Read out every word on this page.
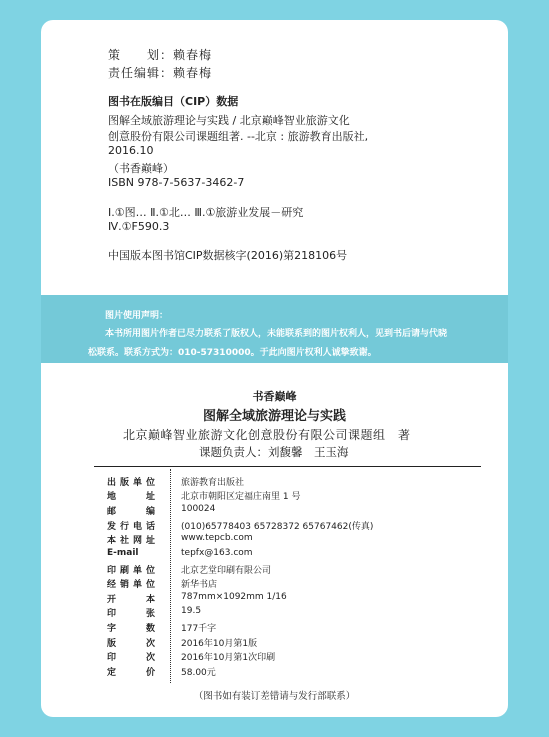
策　　划：赖春梅
责任编辑：赖春梅
图书在版编目（CIP）数据
图解全域旅游理论与实践 / 北京巅峰智业旅游文化
创意股份有限公司课题组著. --北京 : 旅游教育出版社,
2016.10
（书香巅峰）
ISBN 978-7-5637-3462-7
Ⅰ.①图… Ⅱ.①北… Ⅲ.①旅游业发展－研究
Ⅳ.①F590.3
中国版本图书馆CIP数据核字(2016)第218106号
图片使用声明：
本书所用图片作者已尽力联系了版权人，未能联系到的图片权利人，见到书后请与代晓
松联系。联系方式为：010-57310000。于此向图片权利人诚挚致谢。
书香巅峰
图解全域旅游理论与实践
北京巅峰智业旅游文化创意股份有限公司课题组　著
课题负责人：刘馥馨　王玉海
出版单位	旅游教育出版社
地址	北京市朝阳区定福庄南里 1 号
邮编	100024
发行电话	(010)65778403 65728372 65767462(传真)
本社网址	www.tepcb.com
E-mail	tepfx@163.com
印刷单位	北京艺堂印刷有限公司
经销单位	新华书店
开本	787mm×1092mm 1/16
印张	19.5
字数	177千字
版次	2016年10月第1版
印次	2016年10月第1次印刷
定价	58.00元
（图书如有装订差错请与发行部联系）
